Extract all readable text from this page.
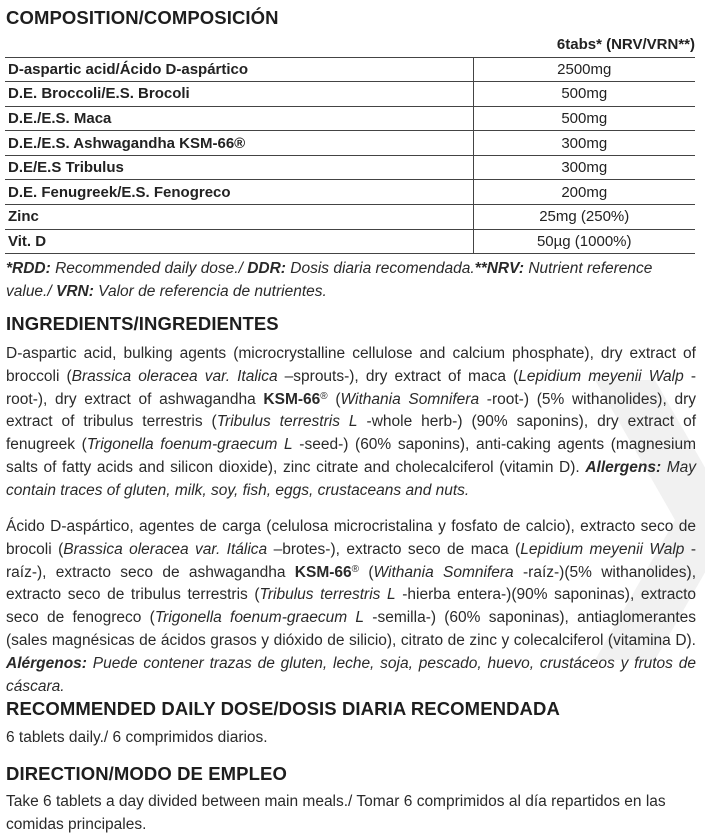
COMPOSITION/COMPOSICIÓN
	6tabs* (NRV/VRN**)
D-aspartic acid/Ácido D-aspártico	2500mg
D.E. Broccoli/E.S. Brocoli	500mg
D.E./E.S. Maca	500mg
D.E./E.S. Ashwagandha KSM-66®	300mg
D.E/E.S Tribulus	300mg
D.E. Fenugreek/E.S. Fenogreco	200mg
Zinc	25mg (250%)
Vit. D	50µg (1000%)
*RDD: Recommended daily dose./ DDR: Dosis diaria recomendada.**NRV: Nutrient reference value./ VRN: Valor de referencia de nutrientes.
INGREDIENTS/INGREDIENTES
D-aspartic acid, bulking agents (microcrystalline cellulose and calcium phosphate), dry extract of broccoli (Brassica oleracea var. Italica –sprouts-), dry extract of maca (Lepidium meyenii Walp -root-), dry extract of ashwagandha KSM-66® (Withania Somnifera -root-) (5% withanolides), dry extract of tribulus terrestris (Tribulus terrestris L -whole herb-) (90% saponins), dry extract of fenugreek (Trigonella foenum-graecum L -seed-) (60% saponins), anti-caking agents (magnesium salts of fatty acids and silicon dioxide), zinc citrate and cholecalciferol (vitamin D). Allergens: May contain traces of gluten, milk, soy, fish, eggs, crustaceans and nuts.
Ácido D-aspártico, agentes de carga (celulosa microcristalina y fosfato de calcio), extracto seco de brocoli (Brassica oleracea var. Itálica –brotes-), extracto seco de maca (Lepidium meyenii Walp -raíz-), extracto seco de ashwagandha KSM-66® (Withania Somnifera -raíz-)(5% withanolides), extracto seco de tribulus terrestris (Tribulus terrestris L -hierba entera-)(90% saponinas), extracto seco de fenogreco (Trigonella foenum-graecum L -semilla-) (60% saponinas), antiaglomerantes (sales magnésicas de ácidos grasos y dióxido de silicio), citrato de zinc y colecalciferol (vitamina D). Alérgenos: Puede contener trazas de gluten, leche, soja, pescado, huevo, crustáceos y frutos de cáscara.
RECOMMENDED DAILY DOSE/DOSIS DIARIA RECOMENDADA
6 tablets daily./ 6 comprimidos diarios.
DIRECTION/MODO DE EMPLEO
Take 6 tablets a day divided between main meals./ Tomar 6 comprimidos al día repartidos en las comidas principales.
